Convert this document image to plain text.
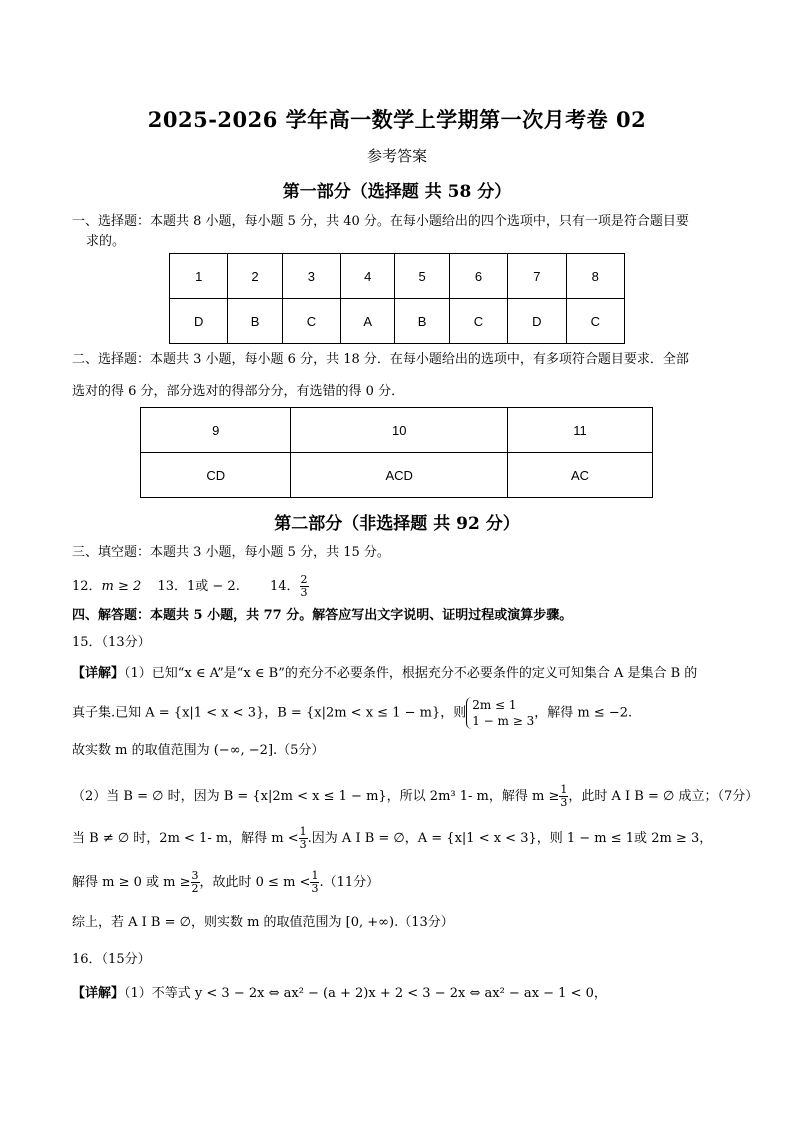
2025-2026 学年高一数学上学期第一次月考卷 02
参考答案
第一部分（选择题 共 58 分）
一、选择题：本题共 8 小题，每小题 5 分，共 40 分。在每小题给出的四个选项中，只有一项是符合题目要
求的。
1	2	3	4	5	6	7	8
D	B	C	A	B	C	D	C
二、选择题：本题共 3 小题，每小题 6 分，共 18 分．在每小题给出的选项中，有多项符合题目要求．全部
选对的得 6 分，部分选对的得部分分，有选错的得 0 分．
9	10	11
CD	ACD	AC
第二部分（非选择题 共 92 分）
三、填空题：本题共 3 小题，每小题 5 分，共 15 分。
12．m ≥ 2 13．1或 − 2. 14． $\frac{2}{3}$
四、解答题：本题共 5 小题，共 77 分。解答应写出文字说明、证明过程或演算步骤。
15．（13分）
【详解】（1）已知“x ∈ A”是“x ∈ B”的充分不必要条件，根据充分不必要条件的定义可知集合 A 是集合 B 的
真子集.已知 A = {x|1 < x < 3}，B = {x|2m < x ≤ 1 − m}，则
2m ≤ 1
1 − m ≥ 3
，解得 m ≤ −2.
故实数 m 的取值范围为 (−∞, −2].（5分）
（2）当 B = ∅ 时，因为 B = {x|2m < x ≤ 1 − m}，所以 2m³ 1- m，解得 $m \ge \frac{1}{3}$ ，此时 A I B = ∅ 成立；（7分）
当 B ≠ ∅ 时，2m < 1- m，解得 $m < \frac{1}{3}$ .因为 A I B = ∅，A = {x|1 < x < 3}，则 1 − m ≤ 1或 2m ≥ 3，
解得 m ≥ 0 或 $m \ge \frac{3}{2}$ ，故此时 $0 \le m < \frac{1}{3} .(11$分）
综上，若 A I B = ∅，则实数 m 的取值范围为 [0, +∞).（13分）
16．（15分）
【详解】（1）不等式 y < 3 − 2x ⇔ ax² − (a + 2)x + 2 < 3 − 2x ⇔ ax² − ax − 1 < 0，
